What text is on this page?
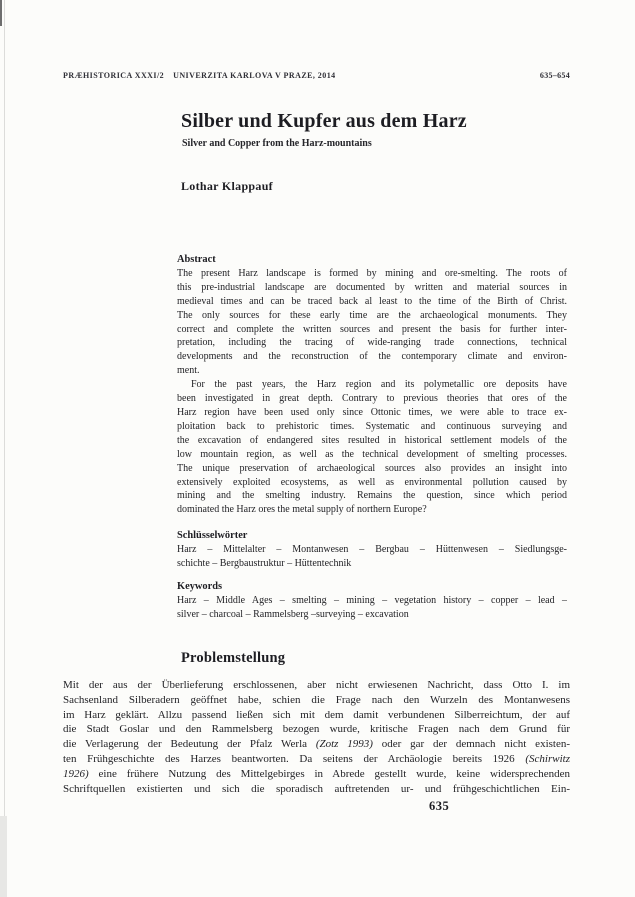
PRÆHISTORICA XXXI/2 UNIVERZITA KARLOVA V PRAZE, 2014	635–654
Silber und Kupfer aus dem Harz
Silver and Copper from the Harz-mountains
Lothar Klappauf
Abstract
The present Harz landscape is formed by mining and ore-smelting. The roots of
this pre-industrial landscape are documented by written and material sources in
medieval times and can be traced back al least to the time of the Birth of Christ.
The only sources for these early time are the archaeological monuments. They
correct and complete the written sources and present the basis for further inter-
pretation, including the tracing of wide-ranging trade connections, technical
developments and the reconstruction of the contemporary climate and environ-
ment.
For the past years, the Harz region and its polymetallic ore deposits have
been investigated in great depth. Contrary to previous theories that ores of the
Harz region have been used only since Ottonic times, we were able to trace ex-
ploitation back to prehistoric times. Systematic and continuous surveying and
the excavation of endangered sites resulted in historical settlement models of the
low mountain region, as well as the technical development of smelting processes.
The unique preservation of archaeological sources also provides an insight into
extensively exploited ecosystems, as well as environmental pollution caused by
mining and the smelting industry. Remains the question, since which period
dominated the Harz ores the metal supply of northern Europe?
Schlüsselwörter
Harz – Mittelalter – Montanwesen – Bergbau – Hüttenwesen – Siedlungsge-
schichte – Bergbaustruktur – Hüttentechnik
Keywords
Harz – Middle Ages – smelting – mining – vegetation history – copper – lead –
silver – charcoal – Rammelsberg –surveying – excavation
Problemstellung
Mit der aus der Überlieferung erschlossenen, aber nicht erwiesenen Nachricht, dass Otto I. im
Sachsenland Silberadern geöffnet habe, schien die Frage nach den Wurzeln des Montanwesens
im Harz geklärt. Allzu passend ließen sich mit dem damit verbundenen Silberreichtum, der auf
die Stadt Goslar und den Rammelsberg bezogen wurde, kritische Fragen nach dem Grund für
die Verlagerung der Bedeutung der Pfalz Werla (Zotz 1993) oder gar der demnach nicht existen-
ten Frühgeschichte des Harzes beantworten. Da seitens der Archäologie bereits 1926 (Schirwitz
1926) eine frühere Nutzung des Mittelgebirges in Abrede gestellt wurde, keine widersprechenden
Schriftquellen existierten und sich die sporadisch auftretenden ur- und frühgeschichtlichen Ein-
635
